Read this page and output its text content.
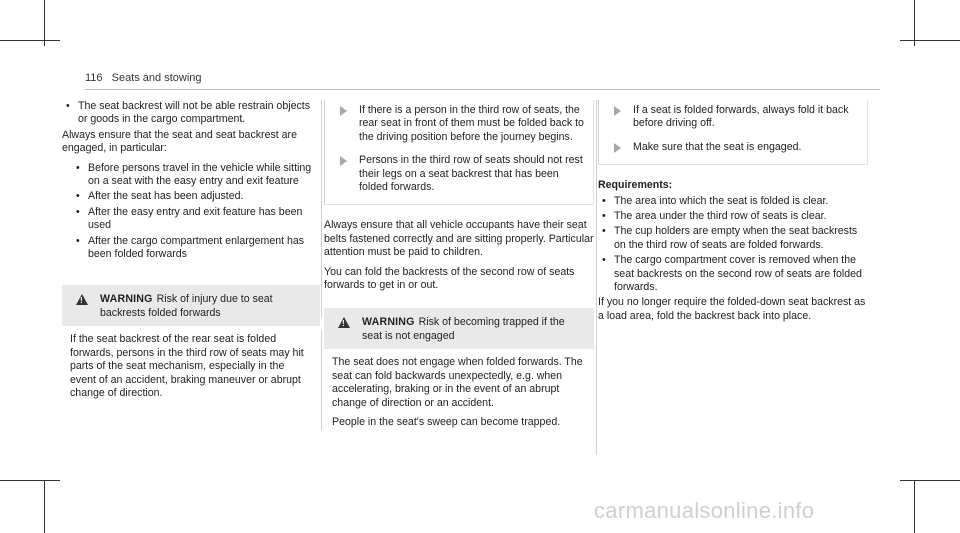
116 Seats and stowing
• The seat backrest will not be able restrain objects or goods in the cargo compartment.

Always ensure that the seat and seat backrest are engaged, in particular:

• Before persons travel in the vehicle while sitting on a seat with the easy entry and exit feature
• After the seat has been adjusted.
• After the easy entry and exit feature has been used
• After the cargo compartment enlargement has been folded forwards
! WARNING Risk of injury due to seat backrests folded forwards

If the seat backrest of the rear seat is folded forwards, persons in the third row of seats may hit parts of the seat mechanism, especially in the event of an accident, braking maneuver or abrupt change of direction.

If there is a person in the third row of seats, the rear seat in front of them must be folded back to the driving position before the journey begins.
Persons in the third row of seats should not rest their legs on a seat backrest that has been folded forwards.

Always ensure that all vehicle occupants have their seat belts fastened correctly and are sitting properly. Particular attention must be paid to children.

You can fold the backrests of the second row of seats forwards to get in or out.

! WARNING Risk of becoming trapped if the seat is not engaged

The seat does not engage when folded forwards. The seat can fold backwards unexpectedly, e.g. when accelerating, braking or in the event of an abrupt change of direction or an accident.

People in the seat's sweep can become trapped.

If a seat is folded forwards, always fold it back before driving off.
Make sure that the seat is engaged.
Requirements:
• The area into which the seat is folded is clear.
• The area under the third row of seats is clear.
• The cup holders are empty when the seat backrests on the third row of seats are folded forwards.
• The cargo compartment cover is removed when the seat backrests on the second row of seats are folded forwards.

If you no longer require the folded-down seat backrest as a load area, fold the backrest back into place.

carmanualsonline.info
